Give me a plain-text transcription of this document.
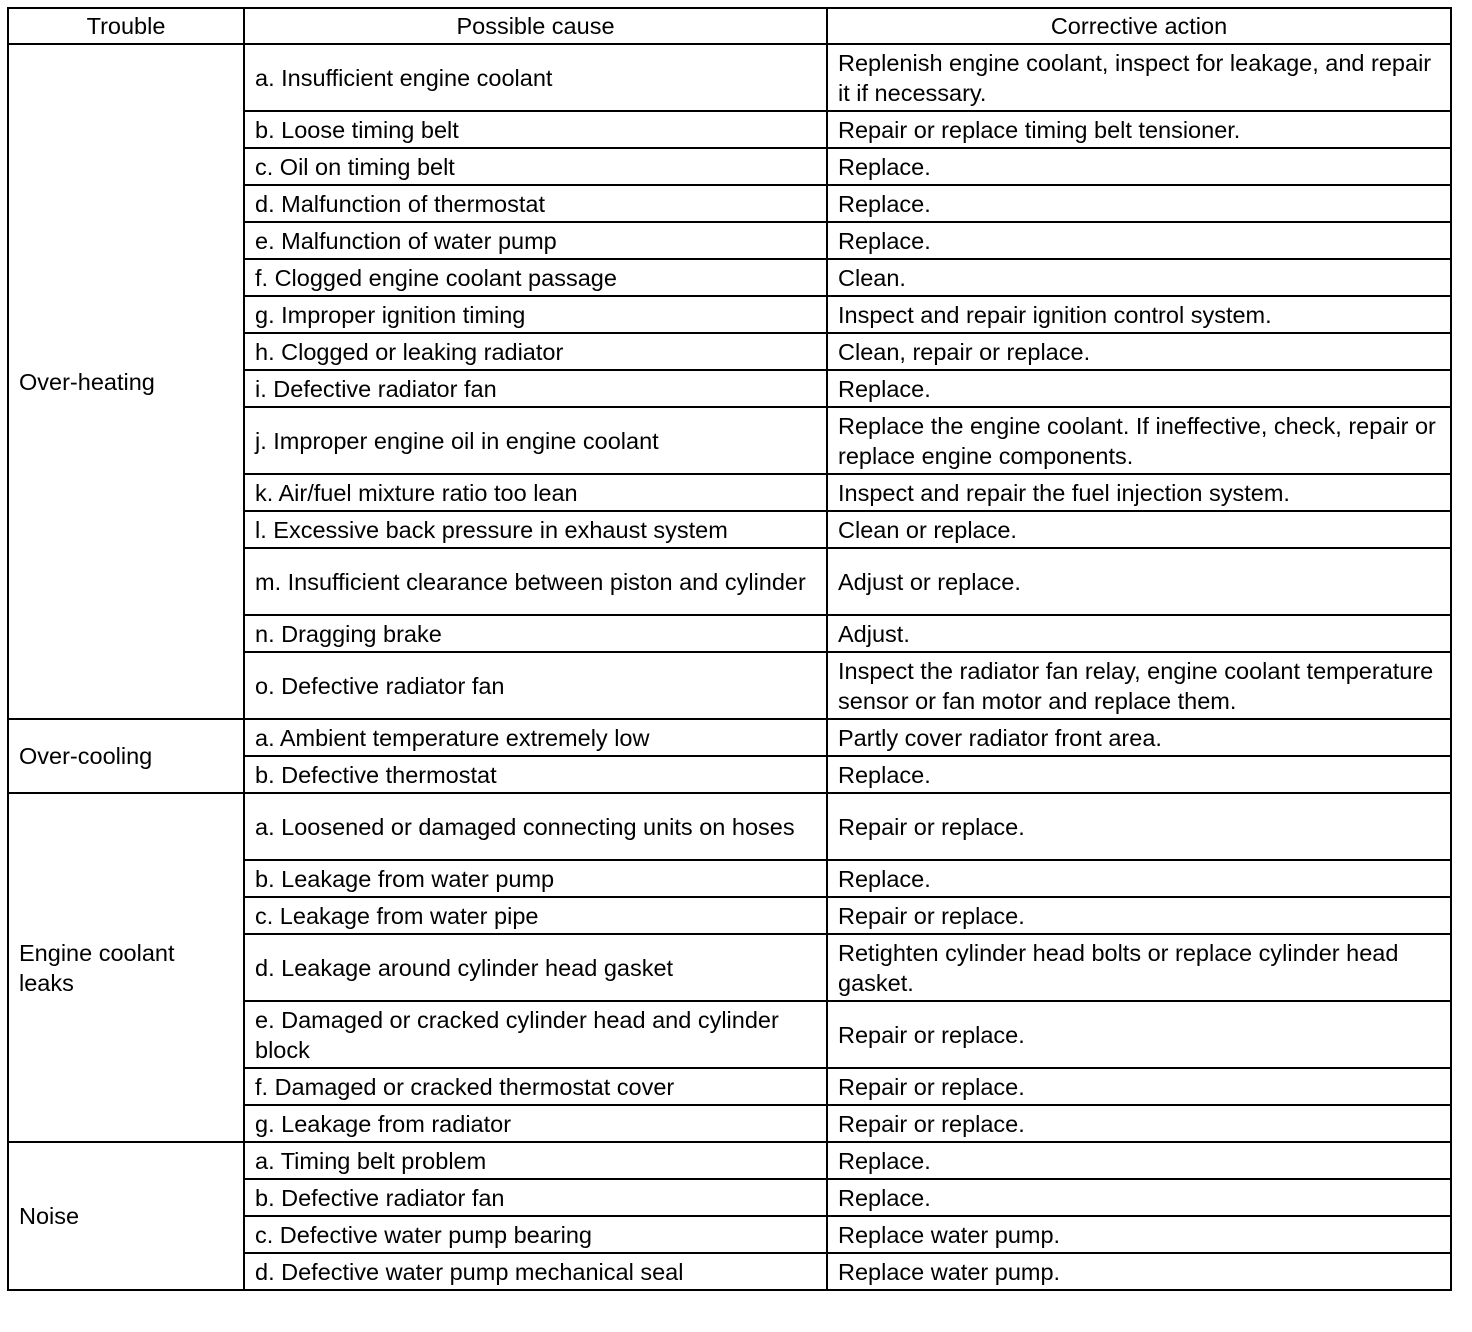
Trouble	Possible cause	Corrective action
Over-heating	a. Insufficient engine coolant	Replenish engine coolant, inspect for leakage, and repair it if necessary.
	b. Loose timing belt	Repair or replace timing belt tensioner.
	c. Oil on timing belt	Replace.
	d. Malfunction of thermostat	Replace.
	e. Malfunction of water pump	Replace.
	f. Clogged engine coolant passage	Clean.
	g. Improper ignition timing	Inspect and repair ignition control system.
	h. Clogged or leaking radiator	Clean, repair or replace.
	i. Defective radiator fan	Replace.
	j. Improper engine oil in engine coolant	Replace the engine coolant. If ineffective, check, repair or replace engine components.
	k. Air/fuel mixture ratio too lean	Inspect and repair the fuel injection system.
	l. Excessive back pressure in exhaust system	Clean or replace.
	m. Insufficient clearance between piston and cylinder	Adjust or replace.
	n. Dragging brake	Adjust.
	o. Defective radiator fan	Inspect the radiator fan relay, engine coolant temperature sensor or fan motor and replace them.
Over-cooling	a. Ambient temperature extremely low	Partly cover radiator front area.
	b. Defective thermostat	Replace.
Engine coolant leaks	a. Loosened or damaged connecting units on hoses	Repair or replace.
	b. Leakage from water pump	Replace.
	c. Leakage from water pipe	Repair or replace.
	d. Leakage around cylinder head gasket	Retighten cylinder head bolts or replace cylinder head gasket.
	e. Damaged or cracked cylinder head and cylinder block	Repair or replace.
	f. Damaged or cracked thermostat cover	Repair or replace.
	g. Leakage from radiator	Repair or replace.
Noise	a. Timing belt problem	Replace.
	b. Defective radiator fan	Replace.
	c. Defective water pump bearing	Replace water pump.
	d. Defective water pump mechanical seal	Replace water pump.
